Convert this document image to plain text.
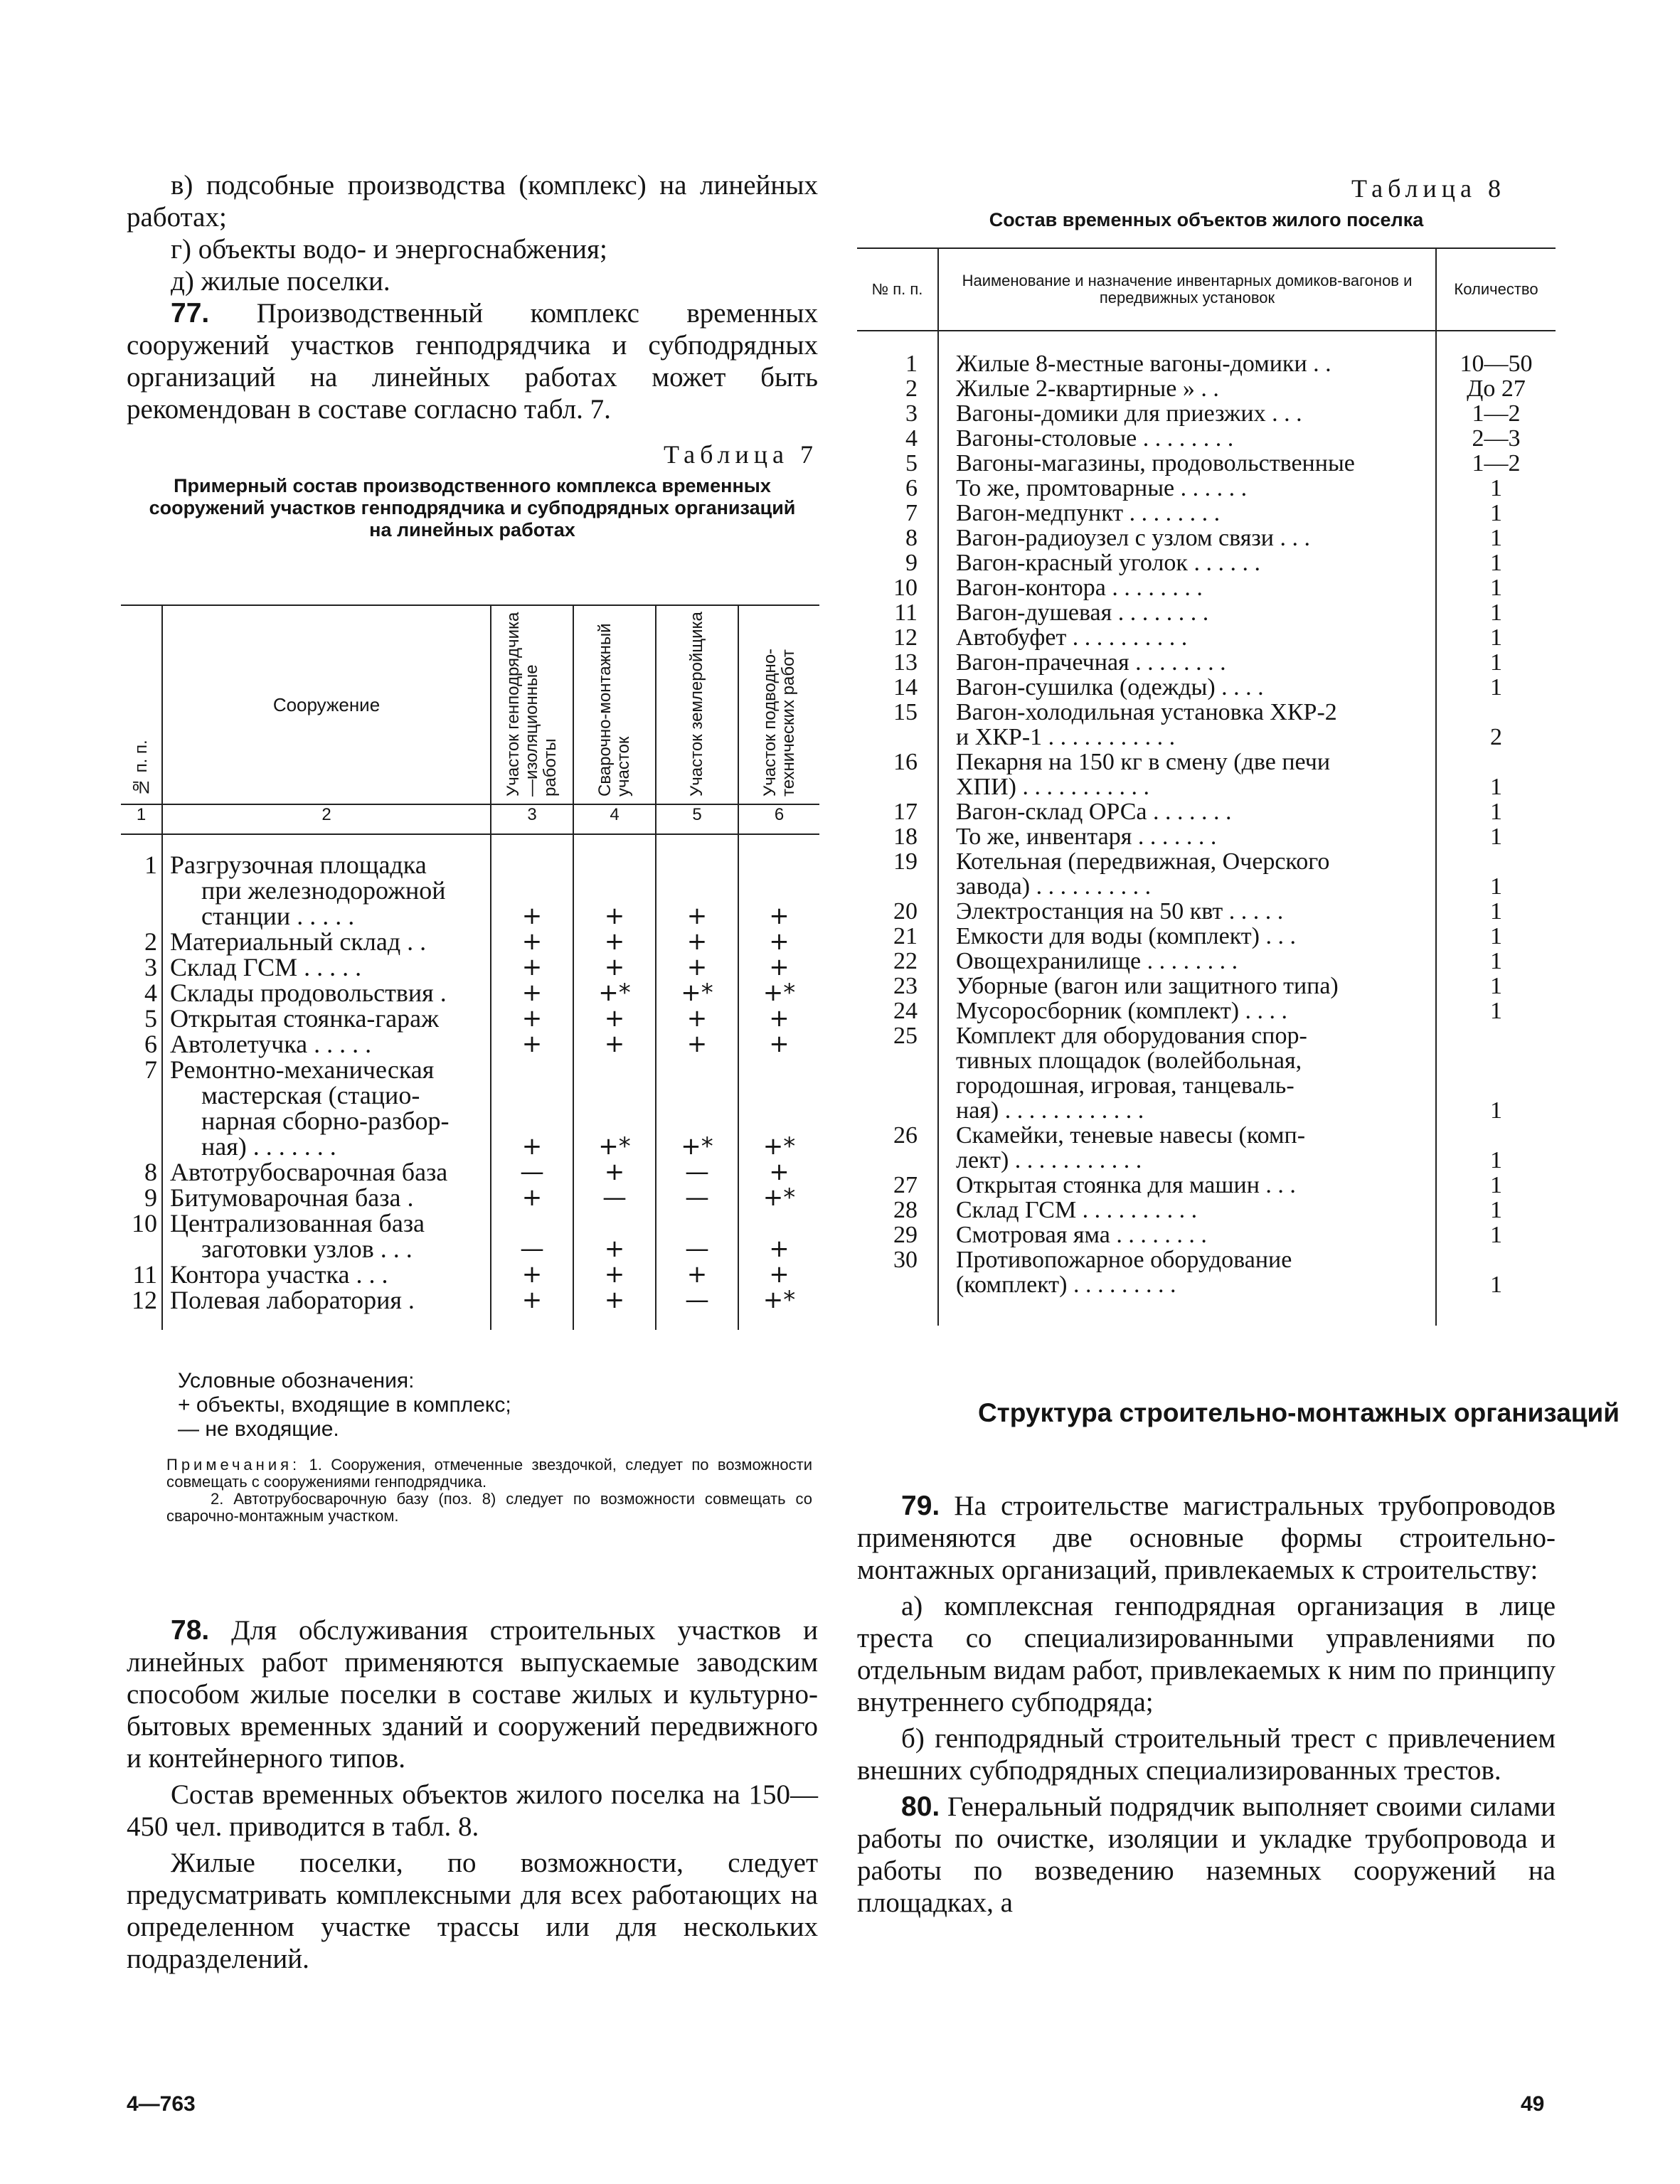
в) подсобные производства (комплекс) на линейных работах;

г) объекты водо- и энергоснабжения;

д) жилые поселки.

77. Производственный комплекс временных сооружений участков генподрядчика и субподрядных организаций на линейных работах может быть рекомендован в составе согласно табл. 7.

Таблица 7
Примерный состав производственного комплекса временных сооружений участков генподрядчика и субподрядных организаций на линейных работах
№ п. п.	Сооружение	Участок генподрядчика—изоляционные работы	Сварочно-монтажный участок	Участок землеройщика	Участок подводно-технических работ

1	2	3	4	5	6

1	Разгрузочная площадка
при железнодорожной
станции . . . . .	+	+	+	+
2	Материальный склад . .	+	+	+	+
3	Склад ГСМ . . . . .	+	+	+	+
4	Склады продовольствия .	+	+*	+*	+*
5	Открытая стоянка-гараж	+	+	+	+
6	Автолетучка . . . . .	+	+	+	+
7	Ремонтно-механическая
мастерская (стацио-
нарная сборно-разбор-
ная) . . . . . . .	+	+*	+*	+*
8	Автотрубосварочная база	—	+	—	+
9	Битумоварочная база .	+	—	—	+*
10	Централизованная база
заготовки узлов . . .	—	+	—	+
11	Контора участка . . .	+	+	+	+
12	Полевая лаборатория .	+	+	—	+*

Условные обозначения:
+ объекты, входящие в комплекс;
— не входящие.

Примечания: 1. Сооружения, отмеченные звездочкой, следует по возможности совмещать с сооружениями генподрядчика.

2. Автотрубосварочную базу (поз. 8) следует по возможности совмещать со сварочно-монтажным участком.

78. Для обслуживания строительных участков и линейных работ применяются выпускаемые заводским способом жилые поселки в составе жилых и культурно-бытовых временных зданий и сооружений передвижного и контейнерного типов.

Состав временных объектов жилого поселка на 150—450 чел. приводится в табл. 8.

Жилые поселки, по возможности, следует предусматривать комплексными для всех работающих на определенном участке трассы или для нескольких подразделений.

Таблица 8
Состав временных объектов жилого поселка
№ п. п.	Наименование и назначение инвентарных домиков-вагонов и передвижных установок	Количество

1	Жилые 8-местные вагоны-домики . .	10—50
2	Жилые 2-квартирные » . .	До 27
3	Вагоны-домики для приезжих . . .	1—2
4	Вагоны-столовые . . . . . . . .	2—3
5	Вагоны-магазины, продовольственные	1—2
6	То же, промтоварные . . . . . .	1
7	Вагон-медпункт . . . . . . . .	1
8	Вагон-радиоузел с узлом связи . . .	1
9	Вагон-красный уголок . . . . . .	1
10	Вагон-контора . . . . . . . .	1
11	Вагон-душевая . . . . . . . .	1
12	Автобуфет . . . . . . . . . .	1
13	Вагон-прачечная . . . . . . . .	1
14	Вагон-сушилка (одежды) . . . .	1
15	Вагон-холодильная установка ХКР-2
и ХКР-1 . . . . . . . . . . .	2
16	Пекарня на 150 кг в смену (две печи
ХПИ) . . . . . . . . . . .	1
17	Вагон-склад ОРСа . . . . . . .	1
18	То же, инвентаря . . . . . . .	1
19	Котельная (передвижная, Очерского
завода) . . . . . . . . . .	1
20	Электростанция на 50 квт . . . . .	1
21	Емкости для воды (комплект) . . .	1
22	Овощехранилище . . . . . . . .	1
23	Уборные (вагон или защитного типа)	1
24	Мусоросборник (комплект) . . . .	1
25	Комплект для оборудования спор-
тивных площадок (волейбольная,
городошная, игровая, танцеваль-
ная) . . . . . . . . . . . .	1
26	Скамейки, теневые навесы (комп-
лект) . . . . . . . . . . .	1
27	Открытая стоянка для машин . . .	1
28	Склад ГСМ . . . . . . . . . .	1
29	Смотровая яма . . . . . . . .	1
30	Противопожарное оборудование
(комплект) . . . . . . . . .	1
Структура строительно-монтажных организаций

79. На строительстве магистральных трубопроводов применяются две основные формы строительно-монтажных организаций, привлекаемых к строительству:

а) комплексная генподрядная организация в лице треста со специализированными управлениями по отдельным видам работ, привлекаемых к ним по принципу внутреннего субподряда;

б) генподрядный строительный трест с привлечением внешних субподрядных специализированных трестов.

80. Генеральный подрядчик выполняет своими силами работы по очистке, изоляции и укладке трубопровода и работы по возведению наземных сооружений на площадках, а

4—763	49
